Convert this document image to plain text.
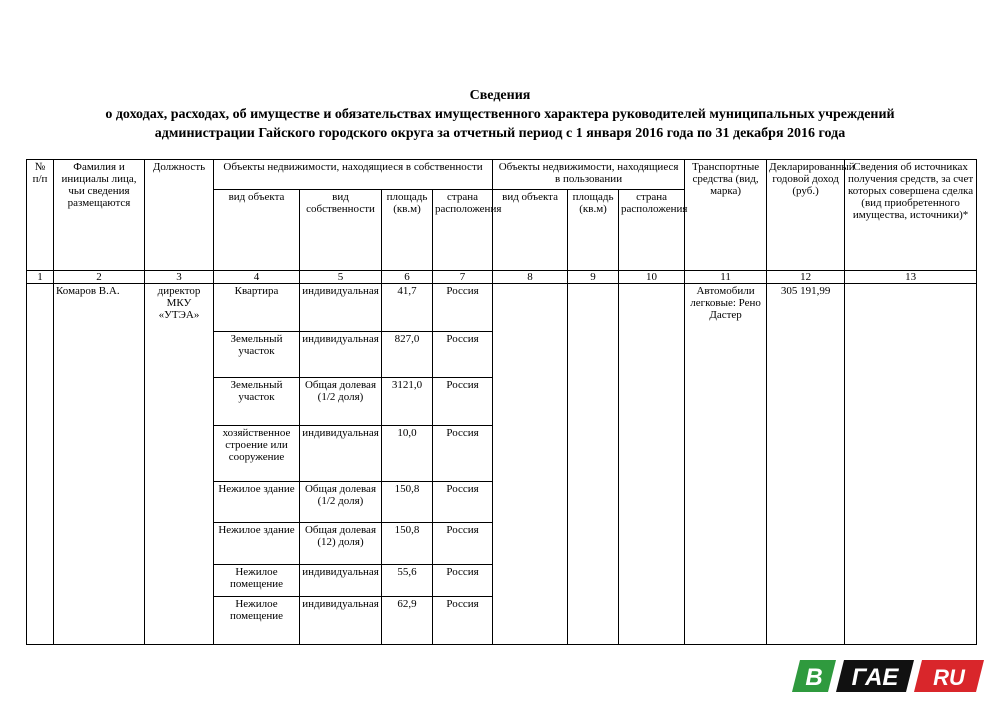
Сведения
о доходах, расходах, об имуществе и обязательствах имущественного характера руководителей муниципальных учреждений
администрации Гайского городского округа за отчетный период с 1 января 2016 года по 31 декабря 2016 года
№ п/п	Фамилия и инициалы лица, чьи сведения размещаются	Должность	Объекты недвижимости, находящиеся в собственности				Объекты недвижимости, находящиеся в пользовании			Транспортные средства (вид, марка)	Декларированный годовой доход (руб.)	Сведения об источниках получения средств, за счет которых совершена сделка (вид приобретенного имущества, источники)*
			вид объекта	вид собственности	площадь (кв.м)	страна расположения	вид объекта	площадь (кв.м)	страна расположения			
1	2	3	4	5	6	7	8	9	10	11	12	13
	Комаров В.А.	директор МКУ «УТЭА»	Квартира	индивидуальная	41,7	Россия				Автомобили легковые: Рено Дастер	305 191,99	
			Земельный участок	индивидуальная	827,0	Россия						
			Земельный участок	Общая долевая (1/2 доля)	3121,0	Россия						
			хозяйственное строение или сооружение	индивидуальная	10,0	Россия						
			Нежилое здание	Общая долевая (1/2 доля)	150,8	Россия						
			Нежилое здание	Общая долевая (12) доля)	150,8	Россия						
			Нежилое помещение	индивидуальная	55,6	Россия						
			Нежилое помещение	индивидуальная	62,9	Россия						
В ГАЕ RU
